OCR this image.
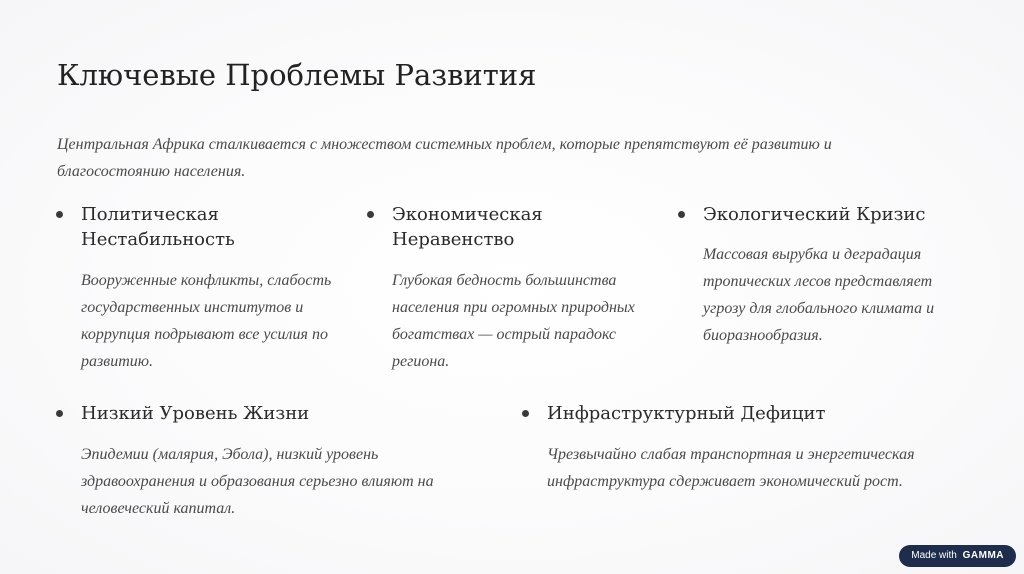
Ключевые Проблемы Развития

Центральная Африка сталкивается с множеством системных проблем, которые препятствуют её развитию и благосостоянию населения.

Политическая Нестабильность

Вооруженные конфликты, слабость государственных институтов и коррупция подрывают все усилия по развитию.

Экономическая Неравенство

Глубокая бедность большинства населения при огромных природных богатствах — острый парадокс региона.

Экологический Кризис

Массовая вырубка и деградация тропических лесов представляет угрозу для глобального климата и биоразнообразия.

Низкий Уровень Жизни

Эпидемии (малярия, Эбола), низкий уровень здравоохранения и образования серьезно влияют на человеческий капитал.

Инфраструктурный Дефицит

Чрезвычайно слабая транспортная и энергетическая инфраструктура сдерживает экономический рост.

Made with GAMMA
